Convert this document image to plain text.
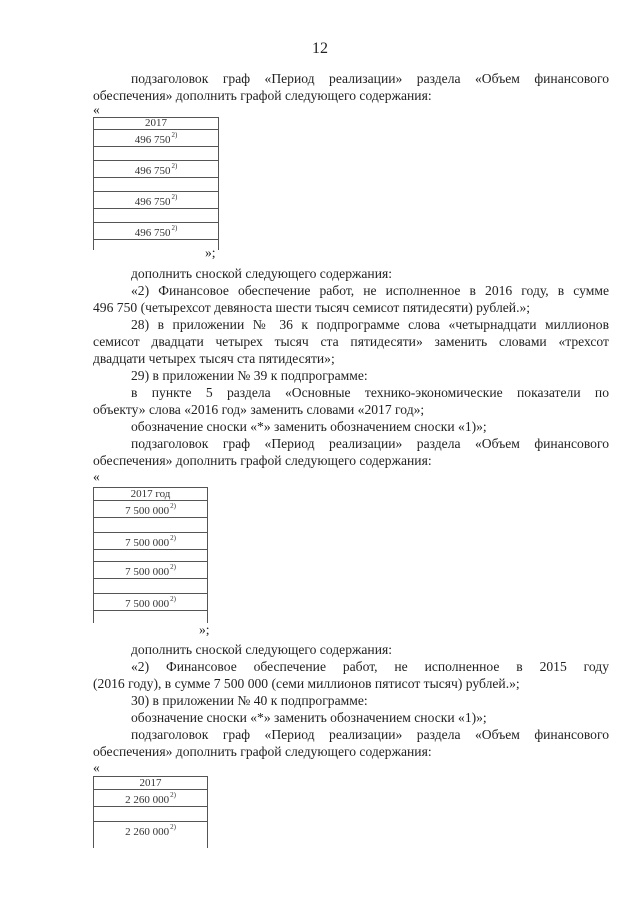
12
подзаголовок граф «Период реализации» раздела «Объем финансового
обеспечения» дополнить графой следующего содержания:
«
2017
496 750$^{2)}$

496 750$^{2)}$

496 750$^{2)}$

496 750$^{2)}$

»;
дополнить сноской следующего содержания:
«2) Финансовое обеспечение работ, не исполненное в 2016 году, в сумме
496 750 (четырехсот девяноста шести тысяч семисот пятидесяти) рублей.»;
28) в приложении № 36 к подпрограмме слова «четырнадцати миллионов
семисот двадцати четырех тысяч ста пятидесяти» заменить словами «трехсот
двадцати четырех тысяч ста пятидесяти»;
29) в приложении № 39 к подпрограмме:
в пункте 5 раздела «Основные технико-экономические показатели по
объекту» слова «2016 год» заменить словами «2017 год»;
обозначение сноски «*» заменить обозначением сноски «1)»;
подзаголовок граф «Период реализации» раздела «Объем финансового
обеспечения» дополнить графой следующего содержания:
«
2017 год
7 500 000$^{2)}$

7 500 000$^{2)}$

7 500 000$^{2)}$

7 500 000$^{2)}$

»;
дополнить сноской следующего содержания:
«2) Финансовое обеспечение работ, не исполненное в 2015 году
(2016 году), в сумме 7 500 000 (семи миллионов пятисот тысяч) рублей.»;
30) в приложении № 40 к подпрограмме:
обозначение сноски «*» заменить обозначением сноски «1)»;
подзаголовок граф «Период реализации» раздела «Объем финансового
обеспечения» дополнить графой следующего содержания:
«
2017
2 260 000$^{2)}$

2 260 000$^{2)}$
